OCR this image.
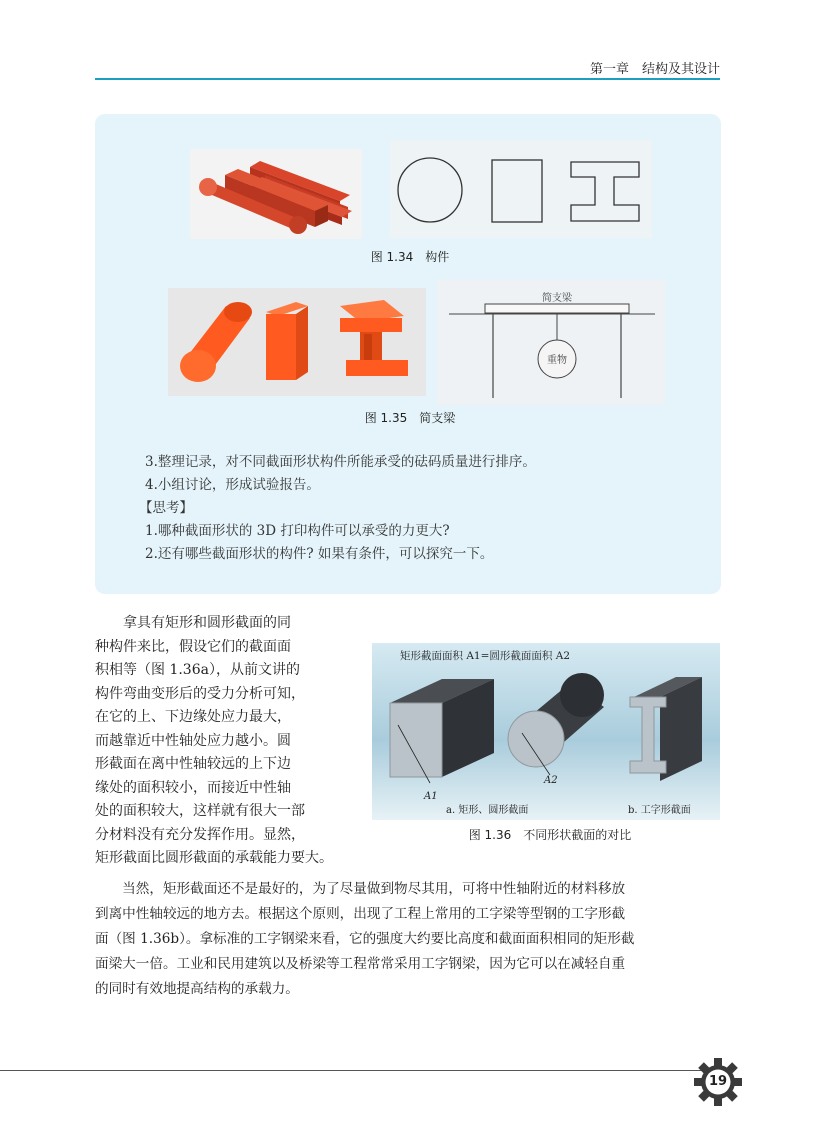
第一章　结构及其设计
图 1.34　构件
简支梁
重物
图 1.35　简支梁
3.整理记录，对不同截面形状构件所能承受的砝码质量进行排序。
4.小组讨论，形成试验报告。
【思考】
1.哪种截面形状的 3D 打印构件可以承受的力更大?
2.还有哪些截面形状的构件? 如果有条件，可以探究一下。
　　拿具有矩形和圆形截面的同
种构件来比，假设它们的截面面
积相等（图 1.36a），从前文讲的
构件弯曲变形后的受力分析可知，
在它的上、下边缘处应力最大，
而越靠近中性轴处应力越小。圆
形截面在离中性轴较远的上下边
缘处的面积较小，而接近中性轴
处的面积较大，这样就有很大一部
分材料没有充分发挥作用。显然，
矩形截面比圆形截面的承载能力要大。
矩形截面面积 A1=圆形截面面积 A2
A1
A2
a. 矩形、圆形截面	b. 工字形截面
图 1.36　不同形状截面的对比
　　当然，矩形截面还不是最好的，为了尽量做到物尽其用，可将中性轴附近的材料移放
到离中性轴较远的地方去。根据这个原则，出现了工程上常用的工字梁等型钢的工字形截
面（图 1.36b）。拿标准的工字钢梁来看，它的强度大约要比高度和截面面积相同的矩形截
面梁大一倍。工业和民用建筑以及桥梁等工程常常采用工字钢梁，因为它可以在减轻自重
的同时有效地提高结构的承载力。
19
